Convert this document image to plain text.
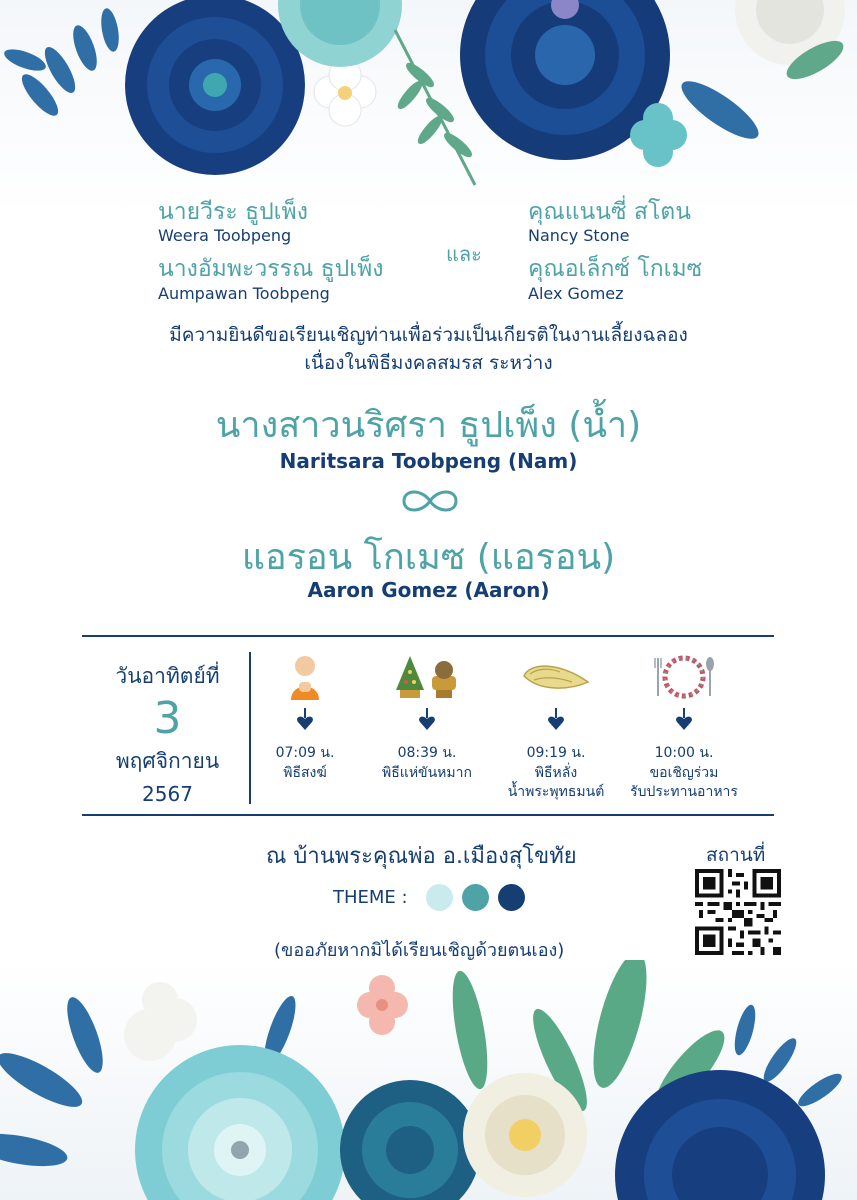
นายวีระ ธูปเพ็ง
Weera Toobpeng
นางอัมพะวรรณ ธูปเพ็ง
Aumpawan Toobpeng
และ
คุณแนนซี่ สโตน
Nancy Stone
คุณอเล็กซ์ โกเมซ
Alex Gomez
มีความยินดีขอเรียนเชิญท่านเพื่อร่วมเป็นเกียรติในงานเลี้ยงฉลอง
เนื่องในพิธีมงคลสมรส ระหว่าง
นางสาวนริศรา ธูปเพ็ง (น้ำ)
Naritsara Toobpeng (Nam)
แอรอน โกเมซ (แอรอน)
Aaron Gomez (Aaron)
วันอาทิตย์ที่
3
พฤศจิกายน
2567
07:09 น.
พิธีสงฆ์
08:39 น.
พิธีแห่ขันหมาก
09:19 น.
พิธีหลั่ง
น้ำพระพุทธมนต์
10:00 น.
ขอเชิญร่วม
รับประทานอาหาร
ณ บ้านพระคุณพ่อ อ.เมืองสุโขทัย
THEME :
(ขออภัยหากมิได้เรียนเชิญด้วยตนเอง)
สถานที่
